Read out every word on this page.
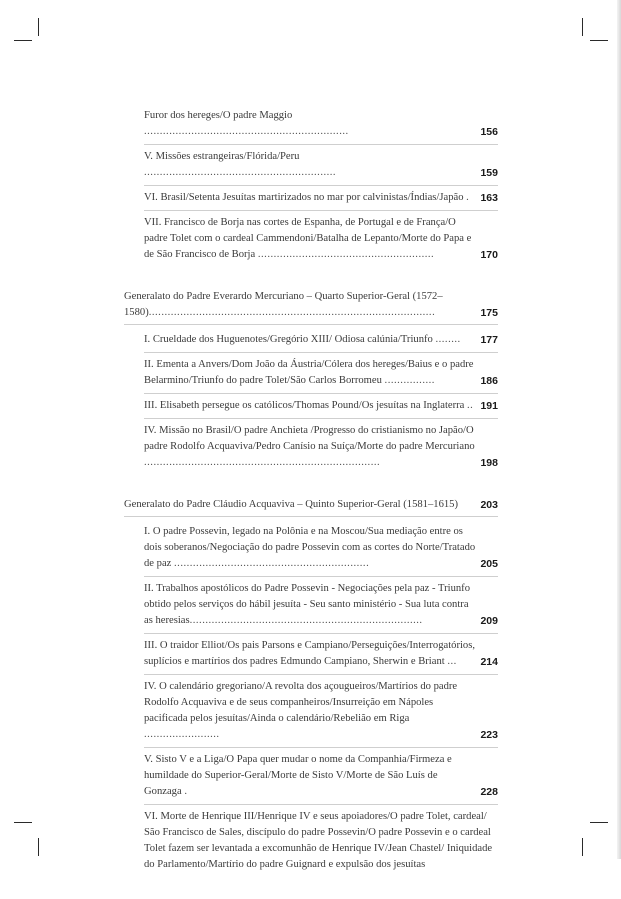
Furor dos hereges/O padre Maggio .................................................................	156
V. Missões estrangeiras/Flórida/Peru .............................................................	159
VI. Brasil/Setenta Jesuítas martirizados no mar por calvinistas/Índias/Japão . 163
VII. Francisco de Borja nas cortes de Espanha, de Portugal e de França/O padre Tolet com o cardeal Cammendoni/Batalha de Lepanto/Morte do Papa e de São Francisco de Borja ........................................................	170
Generalato do Padre Everardo Mercuriano – Quarto Superior-Geral (1572–1580)...........................................................................................	175
I. Crueldade dos Huguenotes/Gregório XIII/ Odiosa calúnia/Triunfo ........ 177
II. Ementa a Anvers/Dom João da Áustria/Cólera dos hereges/Baius e o padre Belarmino/Triunfo do padre Tolet/São Carlos Borromeu ................	186
III. Elisabeth persegue os católicos/Thomas Pound/Os jesuítas na Inglaterra .. 191
IV. Missão no Brasil/O padre Anchieta /Progresso do cristianismo no Japão/O padre Rodolfo Acquaviva/Pedro Canísio na Suíça/Morte do padre Mercuriano ...........................................................................	198
Generalato do Padre Cláudio Acquaviva – Quinto Superior-Geral (1581–1615) 203
I. O padre Possevin, legado na Polônia e na Moscou/Sua mediação entre os dois soberanos/Negociação do padre Possevin com as cortes do Norte/Tratado de paz ..............................................................	205
II. Trabalhos apostólicos do Padre Possevin - Negociações pela paz - Triunfo obtido pelos serviços do hábil jesuíta - Seu santo ministério - Sua luta contra as heresias..........................................................................	209
III. O traidor Elliot/Os pais Parsons e Campiano/Perseguições/Interrogatórios, suplícios e martírios dos padres Edmundo Campiano, Sherwin e Briant ... 214
IV. O calendário gregoriano/A revolta dos açougueiros/Martírios do padre Rodolfo Acquaviva e de seus companheiros/Insurreição em Nápoles pacificada pelos jesuítas/Ainda o calendário/Rebelião em Riga ........................	223
V. Sisto V e a Liga/O Papa quer mudar o nome da Companhia/Firmeza e humildade do Superior-Geral/Morte de Sisto V/Morte de São Luís de Gonzaga .	228
VI. Morte de Henrique III/Henrique IV e seus apoiadores/O padre Tolet, cardeal/ São Francisco de Sales, discípulo do padre Possevin/O padre Possevin e o cardeal Tolet fazem ser levantada a excomunhão de Henrique IV/Jean Chastel/ Iniquidade do Parlamento/Martírio do padre Guignard e expulsão dos jesuítas
